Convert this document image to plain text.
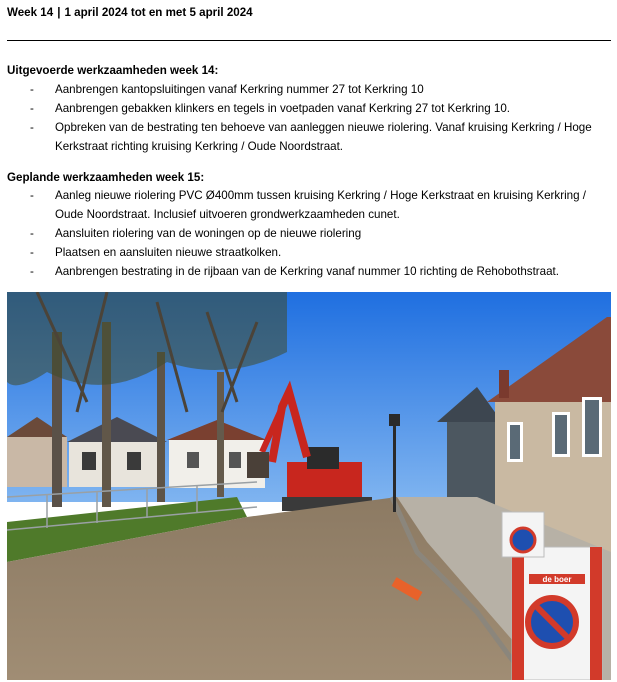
Week 14 | 1 april 2024 tot en met 5 april 2024
Uitgevoerde werkzaamheden week 14:
- Aanbrengen kantopsluitingen vanaf Kerkring nummer 27 tot Kerkring 10
- Aanbrengen gebakken klinkers en tegels in voetpaden vanaf Kerkring 27 tot Kerkring 10.
- Opbreken van de bestrating ten behoeve van aanleggen nieuwe riolering. Vanaf kruising Kerkring / Hoge Kerkstraat richting kruising Kerkring / Oude Noordstraat.
Geplande werkzaamheden week 15:
- Aanleg nieuwe riolering PVC Ø400mm tussen kruising Kerkring / Hoge Kerkstraat en kruising Kerkring / Oude Noordstraat. Inclusief uitvoeren grondwerkzaamheden cunet.
- Aansluiten riolering van de woningen op de nieuwe riolering
- Plaatsen en aansluiten nieuwe straatkolken.
- Aanbrengen bestrating in de rijbaan van de Kerkring vanaf nummer 10 richting de Rehobothstraat.
de boer
